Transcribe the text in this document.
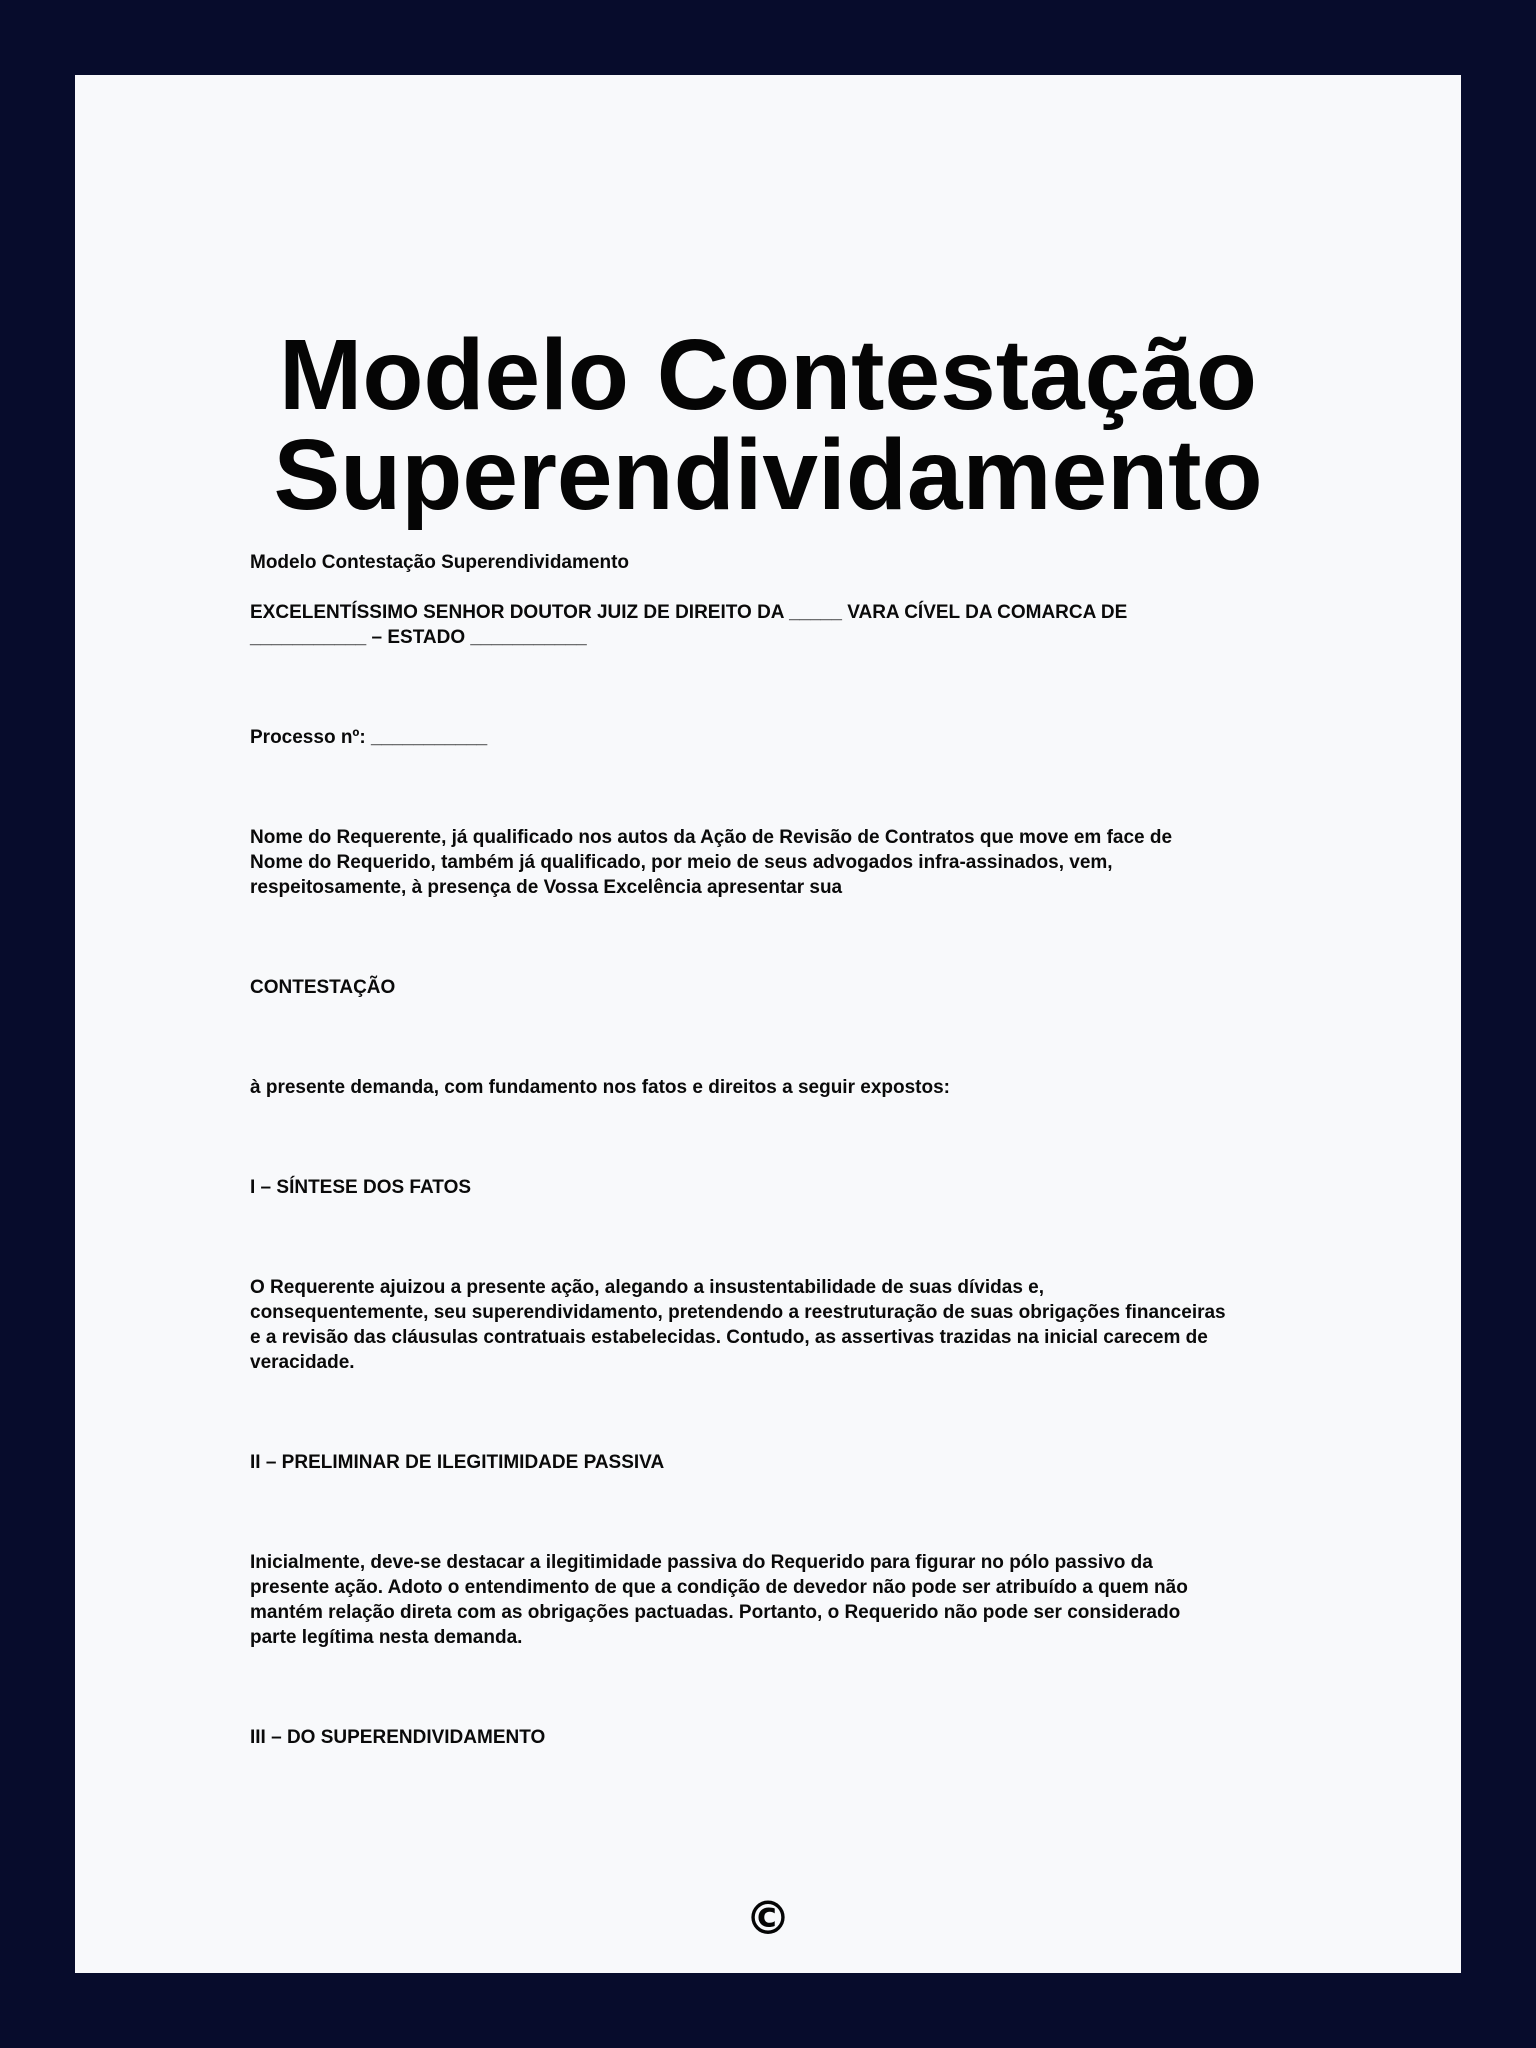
Modelo Contestação
Superendividamento

Modelo Contestação Superendividamento

EXCELENTÍSSIMO SENHOR DOUTOR JUIZ DE DIREITO DA _____ VARA CÍVEL DA COMARCA DE

___________ – ESTADO ___________

Processo nº: ___________

Nome do Requerente, já qualificado nos autos da Ação de Revisão de Contratos que move em face de

Nome do Requerido, também já qualificado, por meio de seus advogados infra-assinados, vem,

respeitosamente, à presença de Vossa Excelência apresentar sua

CONTESTAÇÃO

à presente demanda, com fundamento nos fatos e direitos a seguir expostos:

I – SÍNTESE DOS FATOS

O Requerente ajuizou a presente ação, alegando a insustentabilidade de suas dívidas e,

consequentemente, seu superendividamento, pretendendo a reestruturação de suas obrigações financeiras

e a revisão das cláusulas contratuais estabelecidas. Contudo, as assertivas trazidas na inicial carecem de

veracidade.

II – PRELIMINAR DE ILEGITIMIDADE PASSIVA

Inicialmente, deve-se destacar a ilegitimidade passiva do Requerido para figurar no pólo passivo da

presente ação. Adoto o entendimento de que a condição de devedor não pode ser atribuído a quem não

mantém relação direta com as obrigações pactuadas. Portanto, o Requerido não pode ser considerado

parte legítima nesta demanda.

III – DO SUPERENDIVIDAMENTO

©
